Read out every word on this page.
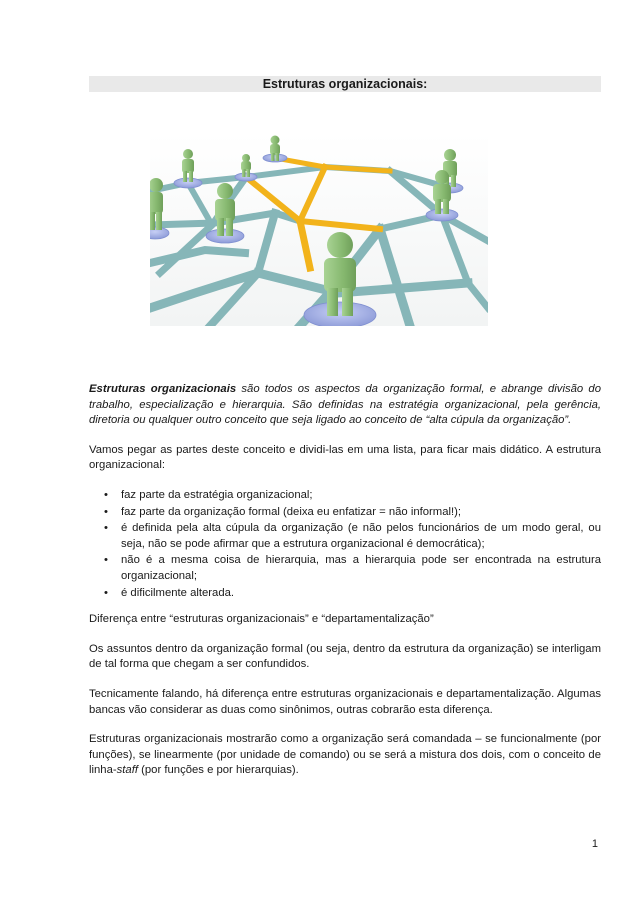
Estruturas organizacionais:

Estruturas organizacionais são todos os aspectos da organização formal, e abrange divisão do trabalho, especialização e hierarquia. São definidas na estratégia organizacional, pela gerência, diretoria ou qualquer outro conceito que seja ligado ao conceito de “alta cúpula da organização”.

Vamos pegar as partes deste conceito e dividi-las em uma lista, para ficar mais didático. A estrutura organizacional:

• faz parte da estratégia organizacional;
• faz parte da organização formal (deixa eu enfatizar = não informal!);
• é definida pela alta cúpula da organização (e não pelos funcionários de um modo geral, ou seja, não se pode afirmar que a estrutura organizacional é democrática);
• não é a mesma coisa de hierarquia, mas a hierarquia pode ser encontrada na estrutura organizacional;
• é dificilmente alterada.

Diferença entre “estruturas organizacionais” e “departamentalização”

Os assuntos dentro da organização formal (ou seja, dentro da estrutura da organização) se interligam de tal forma que chegam a ser confundidos.

Tecnicamente falando, há diferença entre estruturas organizacionais e departamentalização. Algumas bancas vão considerar as duas como sinônimos, outras cobrarão esta diferença.

Estruturas organizacionais mostrarão como a organização será comandada – se funcionalmente (por funções), se linearmente (por unidade de comando) ou se será a mistura dos dois, com o conceito de linha-staff (por funções e por hierarquias).

1
